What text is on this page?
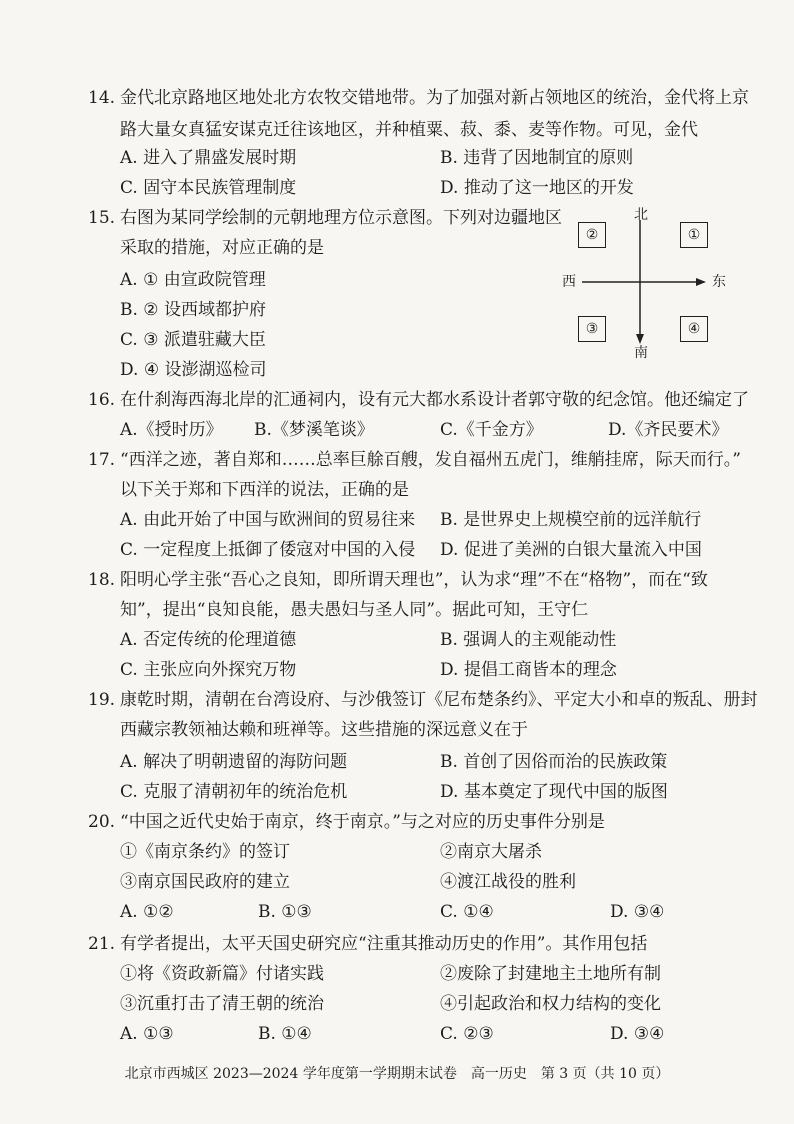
14. 金代北京路地区地处北方农牧交错地带。为了加强对新占领地区的统治，金代将上京
路大量女真猛安谋克迁往该地区，并种植粟、菽、黍、麦等作物。可见，金代
A. 进入了鼎盛发展时期	B. 违背了因地制宜的原则
C. 固守本民族管理制度	D. 推动了这一地区的开发
15. 右图为某同学绘制的元朝地理方位示意图。下列对边疆地区
采取的措施，对应正确的是
A. ① 由宣政院管理
B. ② 设西域都护府
C. ③ 派遣驻藏大臣
D. ④ 设澎湖巡检司
北
南
西	东
②	①
③	④
16. 在什刹海西海北岸的汇通祠内，设有元大都水系设计者郭守敬的纪念馆。他还编定了
A.《授时历》 B.《梦溪笔谈》	C.《千金方》	D.《齐民要术》
17. “西洋之迹，著自郑和……总率巨艅百艘，发自福州五虎门，维艄挂席，际天而行。”
以下关于郑和下西洋的说法，正确的是
A. 由此开始了中国与欧洲间的贸易往来 B. 是世界史上规模空前的远洋航行
C. 一定程度上抵御了倭寇对中国的入侵 D. 促进了美洲的白银大量流入中国
18. 阳明心学主张“吾心之良知，即所谓天理也”，认为求“理”不在“格物”，而在“致
知”，提出“良知良能，愚夫愚妇与圣人同”。据此可知，王守仁
A. 否定传统的伦理道德	B. 强调人的主观能动性
C. 主张应向外探究万物	D. 提倡工商皆本的理念
19. 康乾时期，清朝在台湾设府、与沙俄签订《尼布楚条约》、平定大小和卓的叛乱、册封
西藏宗教领袖达赖和班禅等。这些措施的深远意义在于
A. 解决了明朝遗留的海防问题	B. 首创了因俗而治的民族政策
C. 克服了清朝初年的统治危机	D. 基本奠定了现代中国的版图
20. “中国之近代史始于南京，终于南京。”与之对应的历史事件分别是
①《南京条约》的签订	②南京大屠杀
③南京国民政府的建立	④渡江战役的胜利
A. ①②	B. ①③	C. ①④	D. ③④
21. 有学者提出，太平天国史研究应“注重其推动历史的作用”。其作用包括
①将《资政新篇》付诸实践	②废除了封建地主土地所有制
③沉重打击了清王朝的统治	④引起政治和权力结构的变化
A. ①③	B. ①④	C. ②③	D. ③④
北京市西城区 2023—2024 学年度第一学期期末试卷　高一历史　第 3 页（共 10 页）
